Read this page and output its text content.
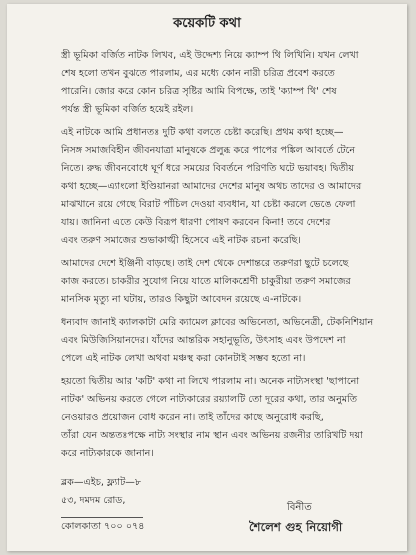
কয়েকটি কথা
স্ত্রী ভূমিকা বর্জিত নাটক লিখব, এই উদ্দেশ্য নিয়ে ক্যাম্প থি লিখিনি। যখন লেখা
শেষ হলো তখন বুঝতে পারলাম, এর মধ্যে কোন নারী চরিত্র প্রবেশ করতে
পারেনি। জোর করে কোন চরিত্র সৃষ্টির আমি বিপক্ষে, তাই 'ক্যাম্প থি' শেষ
পর্যন্ত স্ত্রী ভূমিকা বর্জিত হয়েই রইল।
এই নাটকে আমি প্রধানতঃ দুটি কথা বলতে চেষ্টা করেছি। প্রথম কথা হচ্ছে—
নিসঙ্গ সমাজবিহীন জীবনযাত্রা মানুষকে প্রলুব্ধ করে পাপের পঙ্কিল আবর্তে টেনে
নিতে। রুদ্ধ জীবনবোধে ঘূর্ণ ধরে সময়ের বিবর্তনে পরিণতি ঘটে ভয়াবহ। দ্বিতীয়
কথা হচ্ছে—এ্যাংলো ইণ্ডিয়ানরা আমাদের দেশের মানুষ অথচ তাদের ও আমাদের
মাঝখানে রয়ে গেছে বিরাট পাঁচিল দেওয়া ব্যবধান, যা চেষ্টা করলে ভেঙে ফেলা
যায়। জানিনা এতে কেউ বিরূপ ধারণা পোষণ করবেন কিনা! তবে দেশের
এবং তরুণ সমাজের শুভাকাঙ্খী হিসেবে এই নাটক রচনা করেছি।
আমাদের দেশে ইঞ্জিনী বাড়ছে। তাই দেশ থেকে দেশান্তরে তরুণরা ছুটে চলেছে
কাজ করতে। চাকরীর সুযোগ নিয়ে যাতে মালিকশ্রেণী চাকুরীয়া তরুণ সমাজের
মানসিক মৃত্যু না ঘটায়, তারও কিছুটা আবেদন রয়েছে এ-নাটকে।
ধন্যবাদ জানাই ক্যালকাটা মেরি ক্যামেল ক্লাবের অভিনেতা, অভিনেত্রী, টেকনিশিয়ান
এবং মিউজিসিয়ানদের। যাঁদের আন্তরিক সহানুভূতি, উৎসাহ এবং উপদেশ না
পেলে এই নাটক লেখা অথবা মঞ্চস্থ করা কোনটাই সম্ভব হতো না।
হয়তো দ্বিতীয় আর 'কটি' কথা না লিখে পারলাম না। অনেক নাট্যসংস্থা 'ছাপানো
নাটক' অভিনয় করতে গেলে নাট্যকারের রয়্যালটি তো দূরের কথা, তার অনুমতি
নেওয়ারও প্রয়োজন বোধ করেন না। তাই তাঁদের কাছে অনুরোধ করছি,
তাঁরা যেন অন্ততঃপক্ষে নাট্য সংস্থার নাম স্থান এবং অভিনয় রজনীর তারিখটি দয়া
করে নাট্যকারকে জানান।
ব্লক—এইচ, ফ্ল্যাট—৮
৫৩, দমদম রোড,
কোলকাতা ৭০০ ০৭৪
বিনীত
শৈলেশ গুহ নিয়োগী
